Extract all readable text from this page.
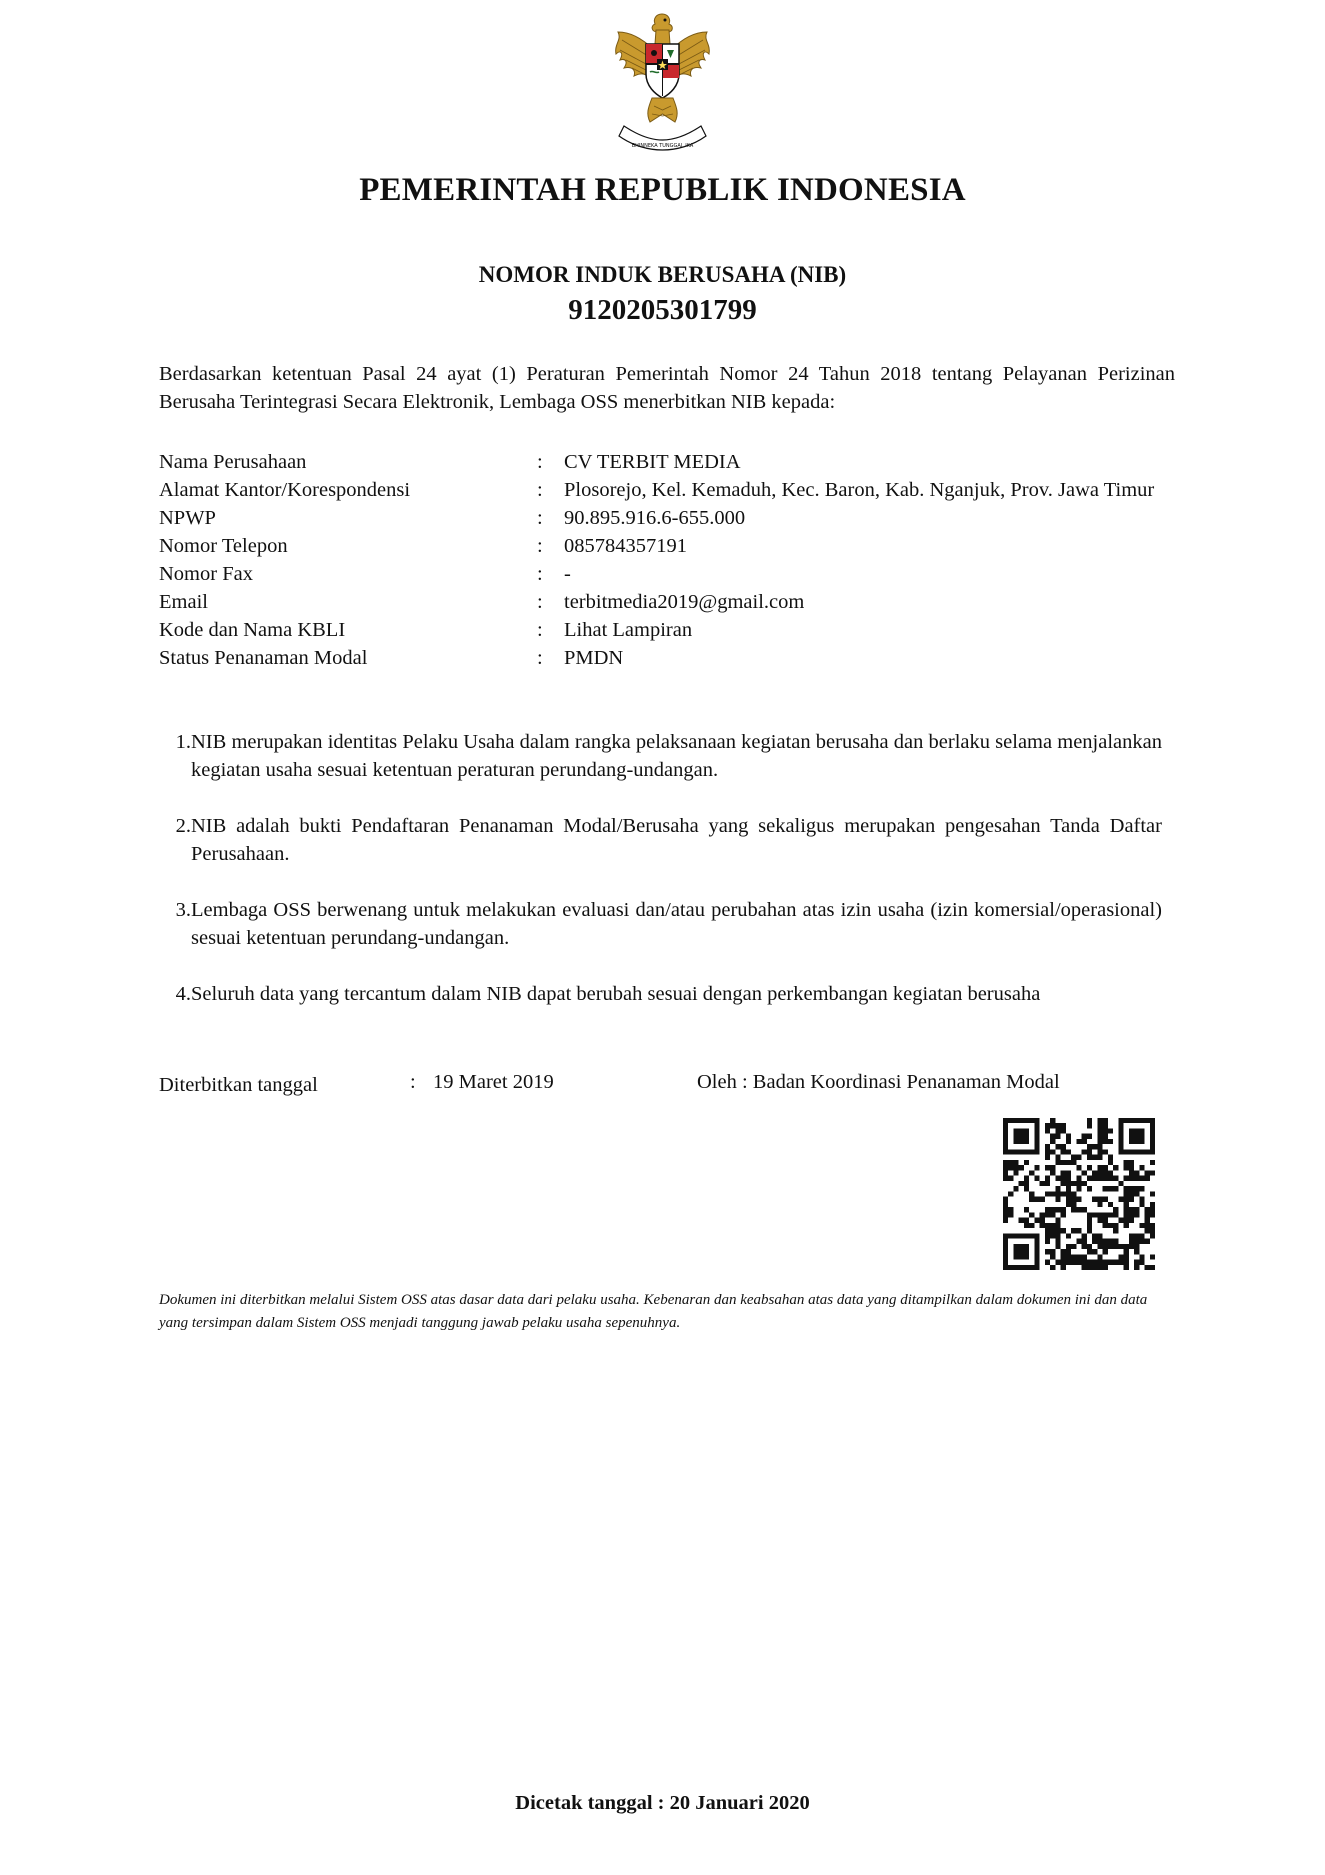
BHINNEKA TUNGGAL IKA
PEMERINTAH REPUBLIK INDONESIA
NOMOR INDUK BERUSAHA (NIB)
9120205301799
Berdasarkan ketentuan Pasal 24 ayat (1) Peraturan Pemerintah Nomor 24 Tahun 2018 tentang Pelayanan Perizinan Berusaha Terintegrasi Secara Elektronik, Lembaga OSS menerbitkan NIB kepada:
Nama Perusahaan	:	CV TERBIT MEDIA
Alamat Kantor/Korespondensi	:	Plosorejo, Kel. Kemaduh, Kec. Baron, Kab. Nganjuk, Prov. Jawa Timur
NPWP	:	90.895.916.6-655.000
Nomor Telepon	:	085784357191
Nomor Fax	:	-
Email	:	terbitmedia2019@gmail.com
Kode dan Nama KBLI	:	Lihat Lampiran
Status Penanaman Modal	:	PMDN
1 . NIB merupakan identitas Pelaku Usaha dalam rangka pelaksanaan kegiatan berusaha dan berlaku selama menjalankan kegiatan usaha sesuai ketentuan peraturan perundang-undangan.
2 . NIB adalah bukti Pendaftaran Penanaman Modal/Berusaha yang sekaligus merupakan pengesahan Tanda Daftar Perusahaan.
3 . Lembaga OSS berwenang untuk melakukan evaluasi dan/atau perubahan atas izin usaha (izin komersial/operasional) sesuai ketentuan perundang-undangan.
4 . Seluruh data yang tercantum dalam NIB dapat berubah sesuai dengan perkembangan kegiatan berusaha
Diterbitkan tanggal	: 19 Maret 2019	Oleh : Badan Koordinasi Penanaman Modal
Dokumen ini diterbitkan melalui Sistem OSS atas dasar data dari pelaku usaha. Kebenaran dan keabsahan atas data yang ditampilkan dalam dokumen ini dan data yang tersimpan dalam Sistem OSS menjadi tanggung jawab pelaku usaha sepenuhnya.
Dicetak tanggal : 20 Januari 2020
